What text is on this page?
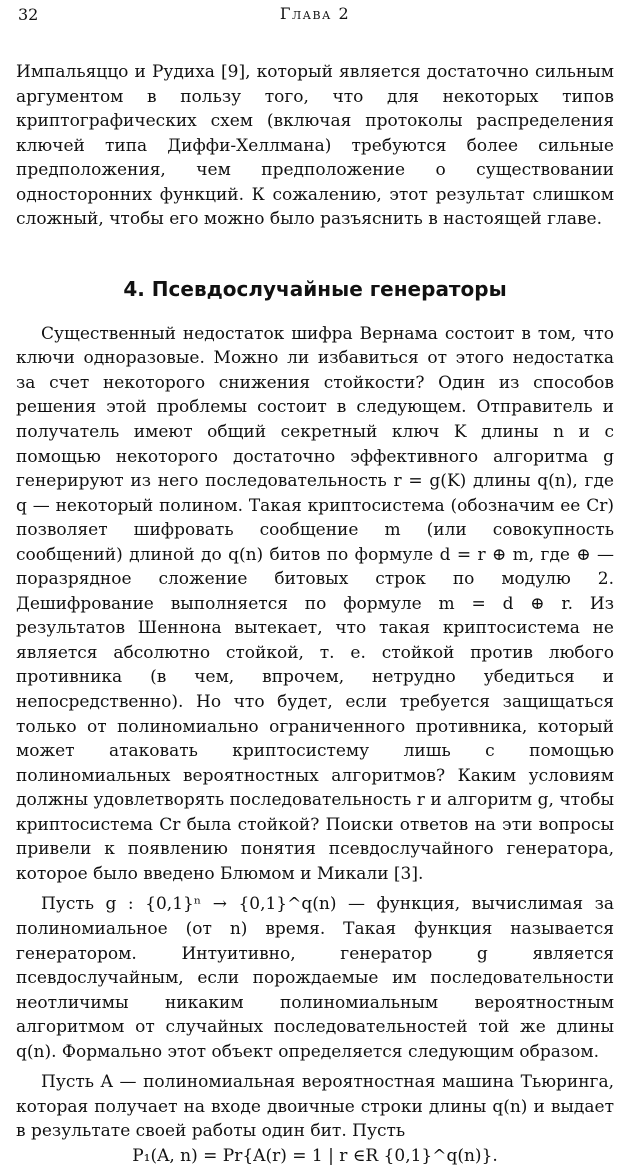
32	Глава 2

Импальяццо и Рудиха [9], который является достаточно сильным аргументом в пользу того, что для некоторых типов криптографических схем (включая протоколы распределения ключей типа Диффи-Хеллмана) требуются более сильные предположения, чем предположение о существовании односторонних функций. К сожалению, этот результат слишком сложный, чтобы его можно было разъяснить в настоящей главе.

4. Псевдослучайные генераторы

Существенный недостаток шифра Вернама состоит в том, что ключи одноразовые. Можно ли избавиться от этого недостатка за счет некоторого снижения стойкости? Один из способов решения этой проблемы состоит в следующем. Отправитель и получатель имеют общий секретный ключ K длины n и с помощью некоторого достаточно эффективного алгоритма g генерируют из него последовательность r = g(K) длины q(n), где q — некоторый полином. Такая криптосистема (обозначим ее Cr) позволяет шифровать сообщение m (или совокупность сообщений) длиной до q(n) битов по формуле d = r ⊕ m, где ⊕ — поразрядное сложение битовых строк по модулю 2. Дешифрование выполняется по формуле m = d ⊕ r. Из результатов Шеннона вытекает, что такая криптосистема не является абсолютно стойкой, т. е. стойкой против любого противника (в чем, впрочем, нетрудно убедиться и непосредственно). Но что будет, если требуется защищаться только от полиномиально ограниченного противника, который может атаковать криптосистему лишь с помощью полиномиальных вероятностных алгоритмов? Каким условиям должны удовлетворять последовательность r и алгоритм g, чтобы криптосистема Cr была стойкой? Поиски ответов на эти вопросы привели к появлению понятия псевдослучайного генератора, которое было введено Блюмом и Микали [3].

Пусть g : {0,1}ⁿ → {0,1}^q(n) — функция, вычислимая за полиномиальное (от n) время. Такая функция называется генератором. Интуитивно, генератор g является псевдослучайным, если порождаемые им последовательности неотличимы никаким полиномиальным вероятностным алгоритмом от случайных последовательностей той же длины q(n). Формально этот объект определяется следующим образом.

Пусть A — полиномиальная вероятностная машина Тьюринга, которая получает на входе двоичные строки длины q(n) и выдает в результате своей работы один бит. Пусть

P₁(A, n) = Pr{A(r) = 1 | r ∈R {0,1}^q(n)}.
